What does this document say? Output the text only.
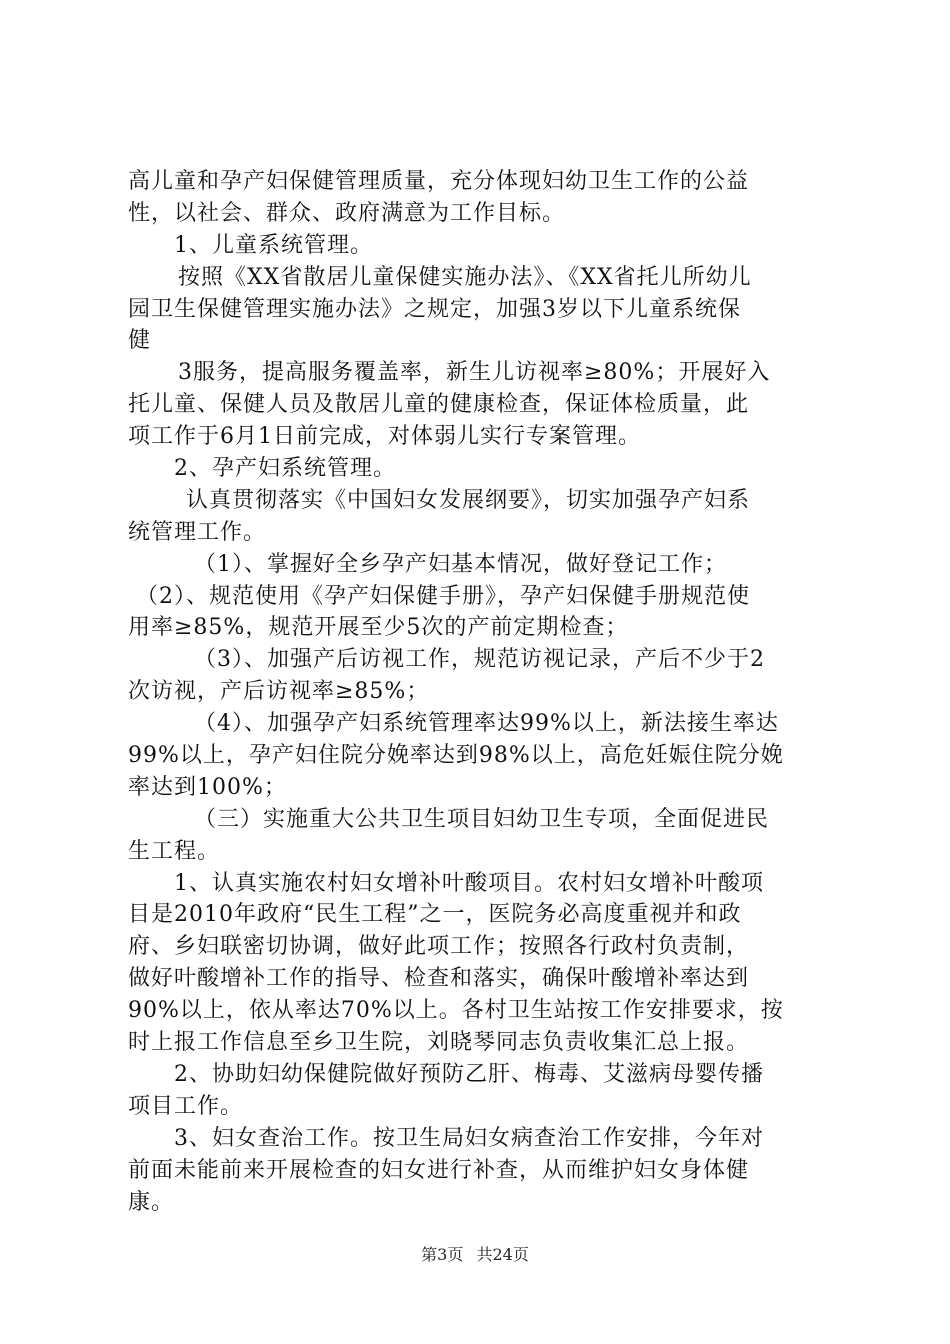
高儿童和孕产妇保健管理质量，充分体现妇幼卫生工作的公益
性，以社会、群众、政府满意为工作目标。
1、儿童系统管理。
按照《XX省散居儿童保健实施办法》、《XX省托儿所幼儿
园卫生保健管理实施办法》之规定，加强3岁以下儿童系统保
健
3服务，提高服务覆盖率，新生儿访视率≥80%；开展好入
托儿童、保健人员及散居儿童的健康检查，保证体检质量，此
项工作于6月1日前完成，对体弱儿实行专案管理。
2、孕产妇系统管理。
认真贯彻落实《中国妇女发展纲要》，切实加强孕产妇系
统管理工作。
（1）、掌握好全乡孕产妇基本情况，做好登记工作；
（2）、规范使用《孕产妇保健手册》，孕产妇保健手册规范使
用率≥85%，规范开展至少5次的产前定期检查；
（3）、加强产后访视工作，规范访视记录，产后不少于2
次访视，产后访视率≥85%；
（4）、加强孕产妇系统管理率达99%以上，新法接生率达
99%以上，孕产妇住院分娩率达到98%以上，高危妊娠住院分娩
率达到100%；
（三）实施重大公共卫生项目妇幼卫生专项，全面促进民
生工程。
1、认真实施农村妇女增补叶酸项目。农村妇女增补叶酸项
目是2010年政府“民生工程”之一，医院务必高度重视并和政
府、乡妇联密切协调，做好此项工作；按照各行政村负责制，
做好叶酸增补工作的指导、检查和落实，确保叶酸增补率达到
90%以上，依从率达70%以上。各村卫生站按工作安排要求，按
时上报工作信息至乡卫生院，刘晓琴同志负责收集汇总上报。
2、协助妇幼保健院做好预防乙肝、梅毒、艾滋病母婴传播
项目工作。
3、妇女查治工作。按卫生局妇女病查治工作安排，今年对
前面未能前来开展检查的妇女进行补查，从而维护妇女身体健
康。
第3页 共24页
